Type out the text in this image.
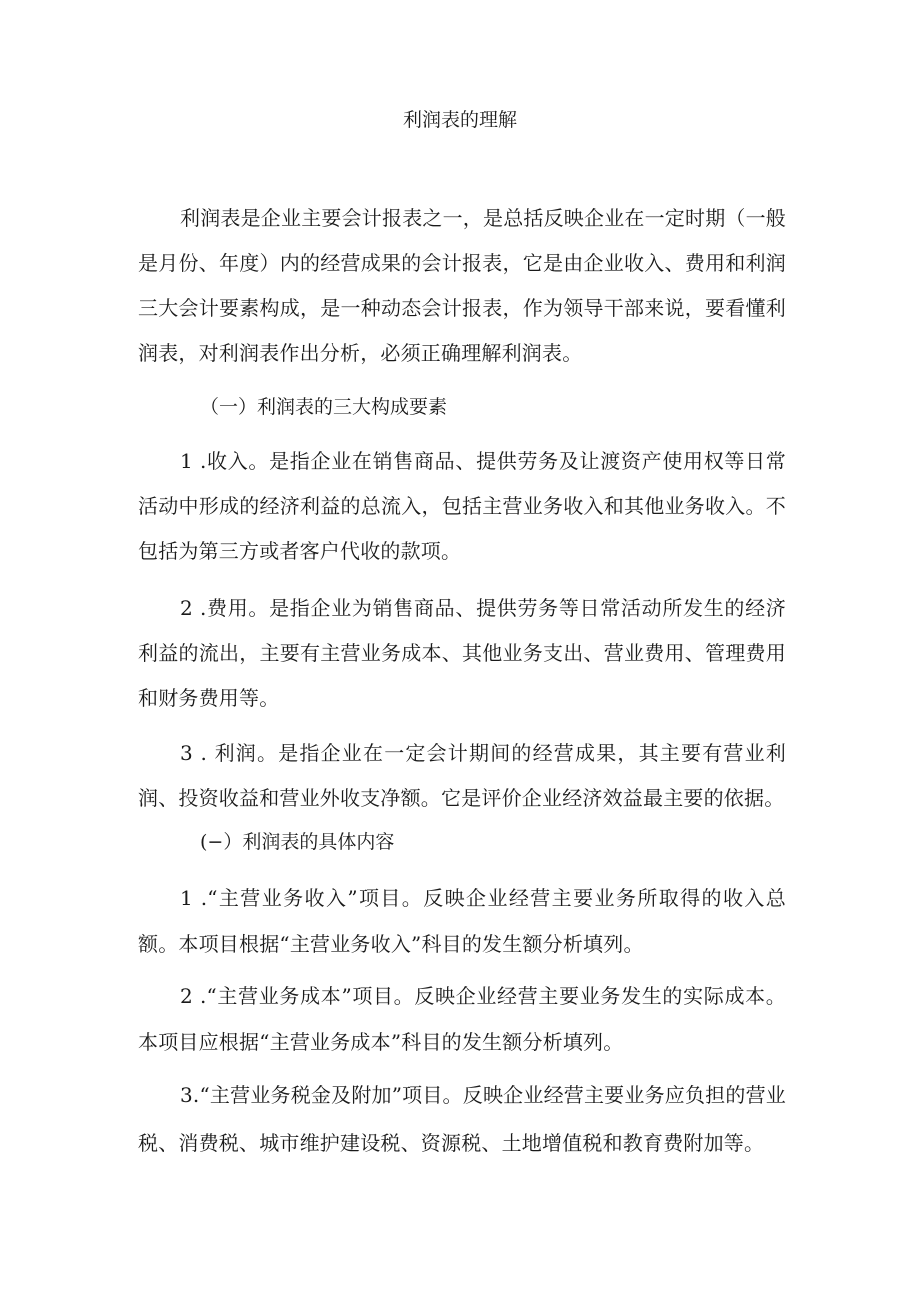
利润表的理解

利润表是企业主要会计报表之一，是总括反映企业在一定时期（一般是月份、年度）内的经营成果的会计报表，它是由企业收入、费用和利润三大会计要素构成，是一种动态会计报表，作为领导干部来说，要看懂利润表，对利润表作出分析，必须正确理解利润表。

（一）利润表的三大构成要素

1 .收入。是指企业在销售商品、提供劳务及让渡资产使用权等日常活动中形成的经济利益的总流入，包括主营业务收入和其他业务收入。不包括为第三方或者客户代收的款项。

2 .费用。是指企业为销售商品、提供劳务等日常活动所发生的经济利益的流出，主要有主营业务成本、其他业务支出、营业费用、管理费用和财务费用等。

3 . 利润。是指企业在一定会计期间的经营成果，其主要有营业利润、投资收益和营业外收支净额。它是评价企业经济效益最主要的依据。

(−）利润表的具体内容

1 .“主营业务收入”项目。反映企业经营主要业务所取得的收入总额。本项目根据“主营业务收入”科目的发生额分析填列。

2 .“主营业务成本”项目。反映企业经营主要业务发生的实际成本。本项目应根据“主营业务成本”科目的发生额分析填列。

3.“主营业务税金及附加”项目。反映企业经营主要业务应负担的营业税、消费税、城市维护建设税、资源税、土地增值税和教育费附加等。
